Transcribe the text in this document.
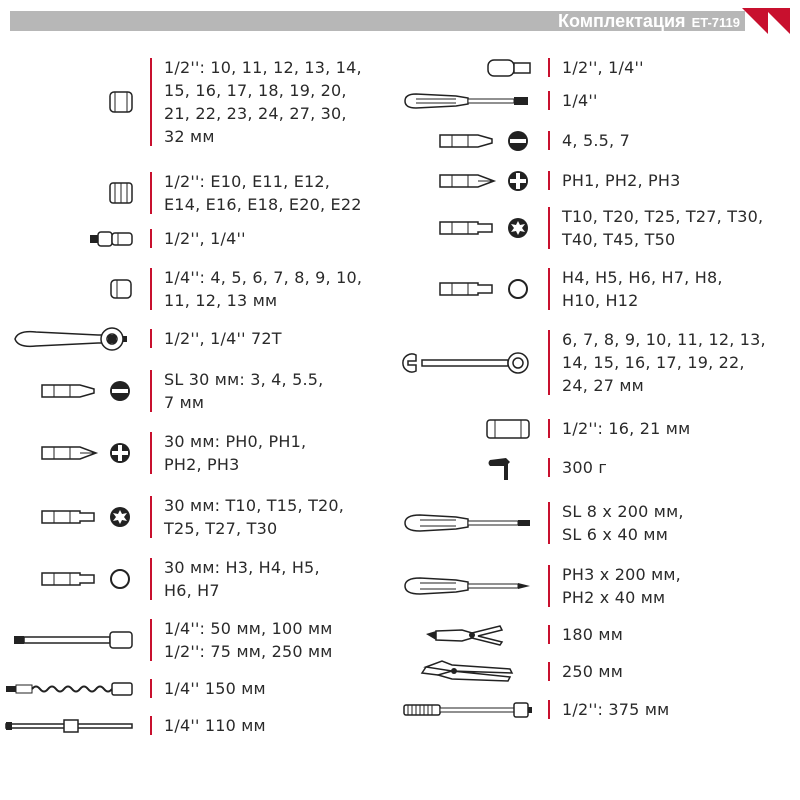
Комплектация ET-7119
1/2'': 10, 11, 12, 13, 14,
15, 16, 17, 18, 19, 20,
21, 22, 23, 24, 27, 30,
32 мм
1/2'': E10, E11, E12,
E14, E16, E18, E20, E22
1/2'', 1/4''
1/4'': 4, 5, 6, 7, 8, 9, 10,
11, 12, 13 мм
1/2'', 1/4'' 72T
SL 30 мм: 3, 4, 5.5,
7 мм
30 мм: PH0, PH1,
PH2, PH3
30 мм: T10, T15, T20,
T25, T27, T30
30 мм: H3, H4, H5,
H6, H7
1/4'': 50 мм, 100 мм
1/2'': 75 мм, 250 мм
1/4'' 150 мм
1/4'' 110 мм
1/2'', 1/4''
1/4''
4, 5.5, 7
PH1, PH2, PH3
T10, T20, T25, T27, T30,
T40, T45, T50
H4, H5, H6, H7, H8,
H10, H12
6, 7, 8, 9, 10, 11, 12, 13,
14, 15, 16, 17, 19, 22,
24, 27 мм
1/2'': 16, 21 мм
300 г
SL 8 x 200 мм,
SL 6 x 40 мм
PH3 x 200 мм,
PH2 x 40 мм
180 мм
250 мм
1/2'': 375 мм
